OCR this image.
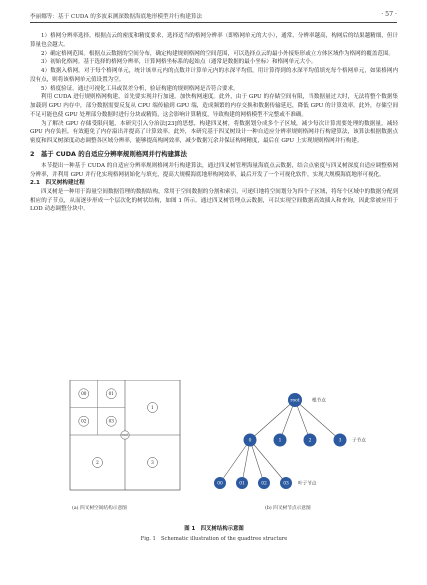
李丽娜等：基于 CUDA 的多波束测深数据海底地形模型并行构建算法	· 57 ·

1）格网分辨率选择。根据点云的密度和精度要求，选择适当的格网分辨率（即格网单元的大小），通常，分辨率越高，构网后的结果越精细，但计算量也会越大。

2）确定格网范围。根据点云数据的空间分布，确定构建规则格网的空间范围，可以选择点云的最小外接矩形或立方体区域作为格网的覆盖范围。

3）初始化格网。基于选择的格网分辨率，计算网格坐标系的起始点（通常是数据的最小坐标）和格网单元大小。

4）数据入格网。对于每个格网单元，统计该单元内的点数并计算单元内的水深平均值，用计算得到的水深平均值填充每个格网单元，如果格网内没有点，则将该格网单元值设置为空。

5）格度验证。通过可视化工具或误差分析，验证构建的规则格网是否符合要求。

利用 CUDA 进行规则格网构建，首先要实现并行加速，加快构网速度。此外，由于 GPU 的存储空间有限，当数据量过大时，无法将整个数据集加载到 GPU 内存中，部分数据需要反复从 CPU 端传输到 GPU 端，造成频繁的内存交换和数据传输延迟，降低 GPU 的计算效率。此外，存储空间不足可能也使 GPU 处理部分数据时进行分块或精简，这会影响计算精度，导致构建的网格模型不完整或不准确。

为了解决 GPU 存储受限问题，本研究引入分治法[23]的思想，构建四叉树，将数据划分成多个子区域，减少每次计算需要处理的数据量，减轻 GPU 内存负担，有效避免了内存溢出并提高了计算效率。此外，本研究基于四叉树设计一种自适应分辨率规则格网并行构建算法，该算法根据数据点密度和四叉树深度动态调整各区域分辨率，能够提高构网效率，减少数据冗余并保证构网精度，最后在 GPU 上实现规则格网并行构建。

2　基于 CUDA 的自适应分辨率规则格网并行构建算法

本节提出一种基于 CUDA 的自适应分辨率规则格网并行构建算法，通过四叉树管理海量海底点云数据，结合点密度与四叉树深度自适应调整格网分辨率，并利用 GPU 并行化实现格网初始化与填充，提高大规模海底地形构网效率，最后开发了一个可视化软件，实现大规模海底地形可视化。

2.1　四叉树构建过程

四叉树是一种用于海量空间数据管理的数据结构，常用于空间数据的分割和索引，可递归地将空间划分为四个子区域，将每个区域中的数据分配到相应的子节点，从而逐步形成一个层次化的树状结构，如图 1 所示。通过四叉树管理点云数据，可以实现空间数据高效插入和查询，因此常被应用于 LOD 动态调整分块中。

00	01
02	03
1
2	3
root
root	根节点
0	1	2	3 子节点
00	01	02	03 叶子节点
(a) 四叉树空间结构示意图	(b) 四叉树节点示意图
图 1　四叉树结构示意图
Fig. 1　Schematic illustration of the quadtree structure
